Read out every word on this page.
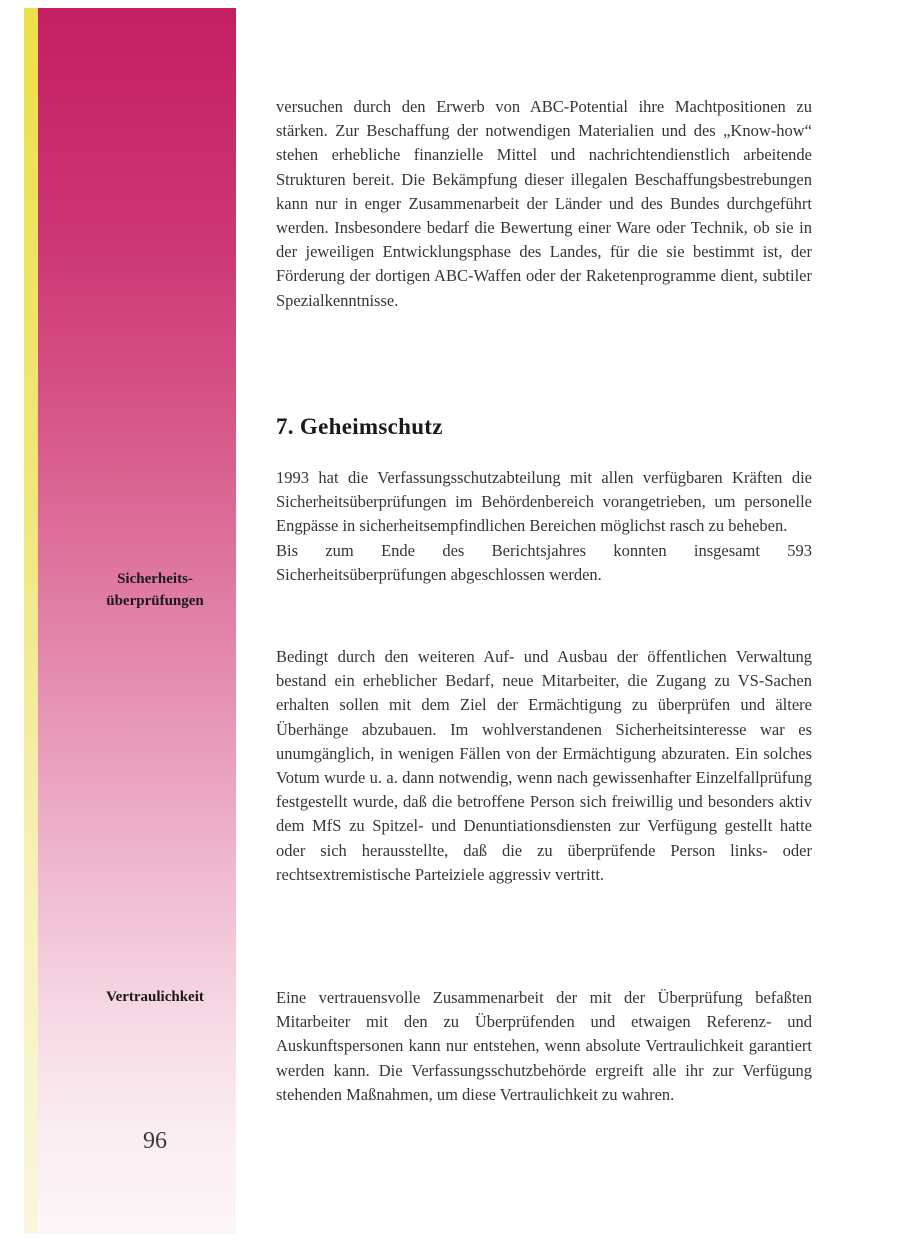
Sicherheits-
überprüfungen
Vertraulichkeit
96

versuchen durch den Erwerb von ABC-Potential ihre Machtpositionen zu stärken. Zur Beschaffung der notwendigen Materialien und des „Know-how“ stehen erhebliche finanzielle Mittel und nachrichtendienstlich arbeitende Strukturen bereit. Die Bekämpfung dieser illegalen Beschaffungsbestrebungen kann nur in enger Zusammenarbeit der Länder und des Bundes durchgeführt werden. Insbesondere bedarf die Bewertung einer Ware oder Technik, ob sie in der jeweiligen Entwicklungsphase des Landes, für die sie bestimmt ist, der Förderung der dortigen ABC-Waffen oder der Raketenprogramme dient, subtiler Spezialkenntnisse.

7. Geheimschutz

1993 hat die Verfassungsschutzabteilung mit allen verfügbaren Kräften die Sicherheitsüberprüfungen im Behördenbereich vorangetrieben, um personelle Engpässe in sicherheitsempfindlichen Bereichen möglichst rasch zu beheben.
Bis zum Ende des Berichtsjahres konnten insgesamt 593 Sicherheitsüberprüfungen abgeschlossen werden.

Bedingt durch den weiteren Auf- und Ausbau der öffentlichen Verwaltung bestand ein erheblicher Bedarf, neue Mitarbeiter, die Zugang zu VS-Sachen erhalten sollen mit dem Ziel der Ermächtigung zu überprüfen und ältere Überhänge abzubauen. Im wohlverstandenen Sicherheitsinteresse war es unumgänglich, in wenigen Fällen von der Ermächtigung abzuraten. Ein solches Votum wurde u. a. dann notwendig, wenn nach gewissenhafter Einzelfallprüfung festgestellt wurde, daß die betroffene Person sich freiwillig und besonders aktiv dem MfS zu Spitzel- und Denuntiationsdiensten zur Verfügung gestellt hatte oder sich herausstellte, daß die zu überprüfende Person links- oder rechtsextremistische Parteiziele aggressiv vertritt.

Eine vertrauensvolle Zusammenarbeit der mit der Überprüfung befaßten Mitarbeiter mit den zu Überprüfenden und etwaigen Referenz- und Auskunftspersonen kann nur entstehen, wenn absolute Vertraulichkeit garantiert werden kann. Die Verfassungsschutzbehörde ergreift alle ihr zur Verfügung stehenden Maßnahmen, um diese Vertraulichkeit zu wahren.
